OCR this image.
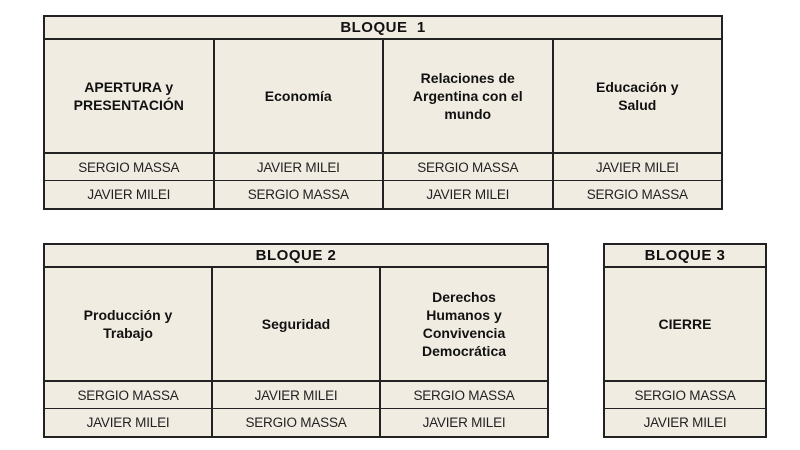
BLOQUE  1
APERTURA y
PRESENTACIÓN
SERGIO MASSA
JAVIER MILEI
Economía
JAVIER MILEI
SERGIO MASSA
Relaciones de Argentina con el mundo
SERGIO MASSA
JAVIER MILEI
Educación y Salud
JAVIER MILEI
SERGIO MASSA
BLOQUE 2
Producción y Trabajo
SERGIO MASSA
JAVIER MILEI
Seguridad
JAVIER MILEI
SERGIO MASSA
Derechos Humanos y Convivencia Democrática
SERGIO MASSA
JAVIER MILEI
BLOQUE 3
CIERRE
SERGIO MASSA
JAVIER MILEI
